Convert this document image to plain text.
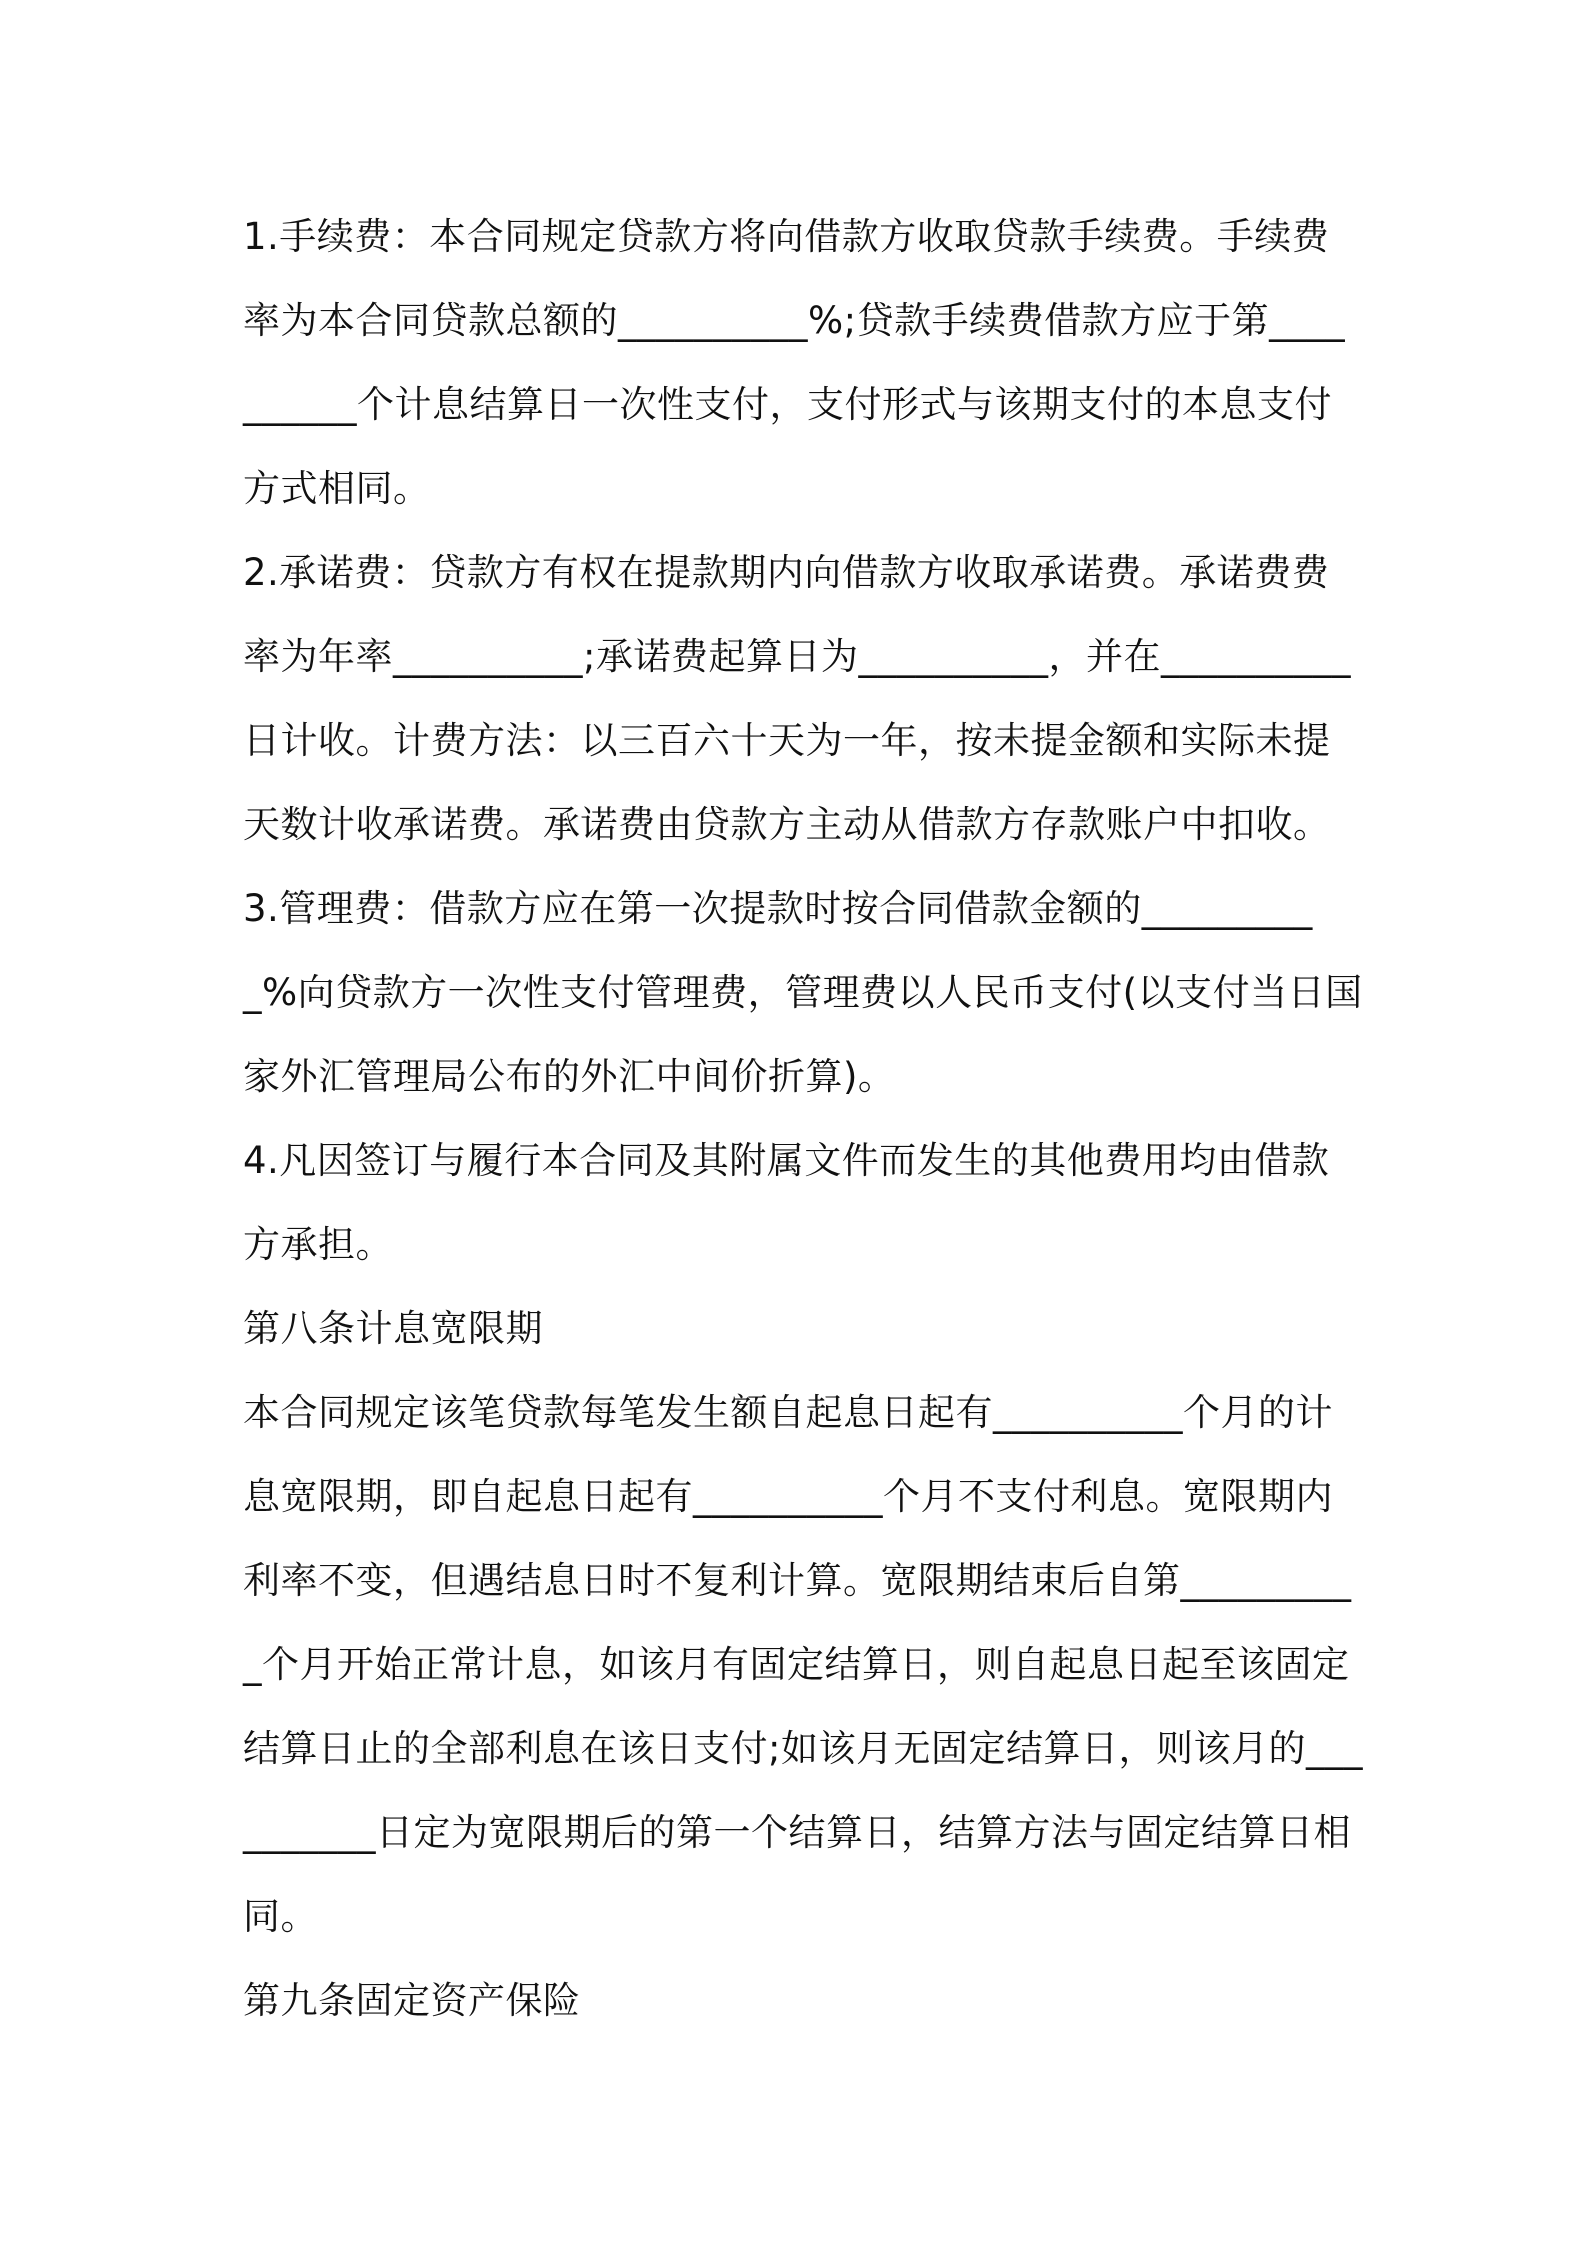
1.手续费：本合同规定贷款方将向借款方收取贷款手续费。手续费率为本合同贷款总额的__________%;贷款手续费借款方应于第__________个计息结算日一次性支付，支付形式与该期支付的本息支付方式相同。

2.承诺费：贷款方有权在提款期内向借款方收取承诺费。承诺费费率为年率__________;承诺费起算日为__________，并在__________日计收。计费方法：以三百六十天为一年，按未提金额和实际未提天数计收承诺费。承诺费由贷款方主动从借款方存款账户中扣收。

3.管理费：借款方应在第一次提款时按合同借款金额的__________%向贷款方一次性支付管理费，管理费以人民币支付(以支付当日国家外汇管理局公布的外汇中间价折算)。

4.凡因签订与履行本合同及其附属文件而发生的其他费用均由借款方承担。

第八条计息宽限期

本合同规定该笔贷款每笔发生额自起息日起有__________个月的计息宽限期，即自起息日起有__________个月不支付利息。宽限期内利率不变，但遇结息日时不复利计算。宽限期结束后自第__________个月开始正常计息，如该月有固定结算日，则自起息日起至该固定结算日止的全部利息在该日支付;如该月无固定结算日，则该月的__________日定为宽限期后的第一个结算日，结算方法与固定结算日相同。

第九条固定资产保险
